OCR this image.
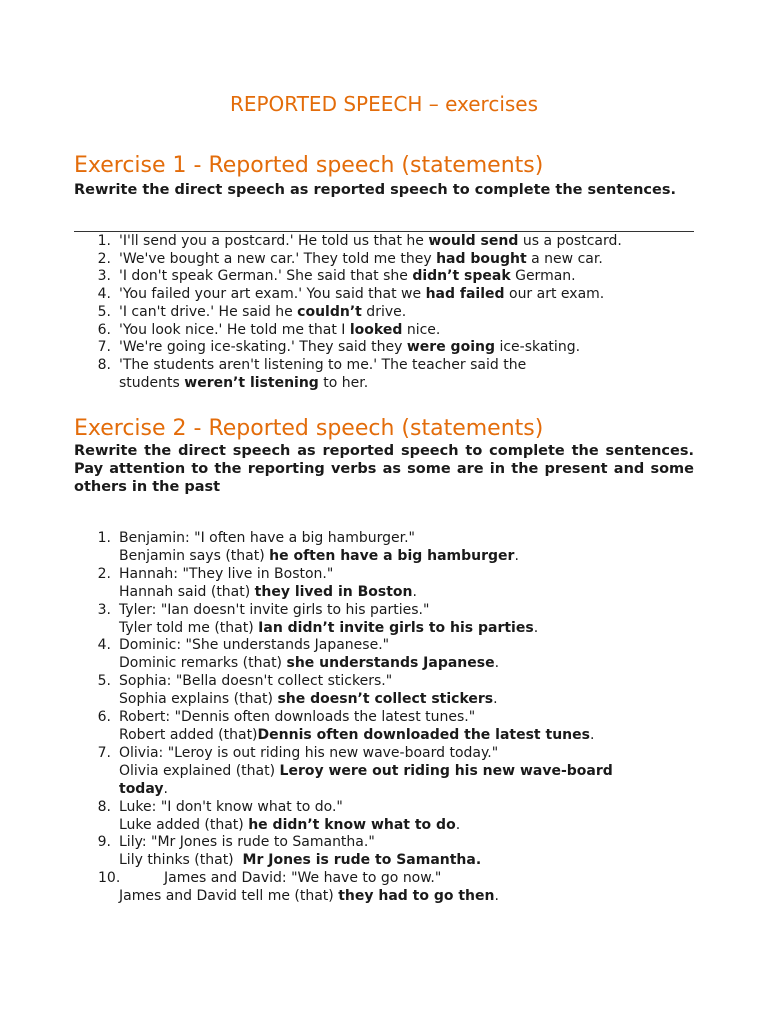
REPORTED SPEECH – exercises
Exercise 1 - Reported speech (statements)
Rewrite the direct speech as reported speech to complete the sentences.
1. 'I'll send you a postcard.' He told us that he would send us a postcard.
2. 'We've bought a new car.' They told me they had bought a new car.
3. 'I don't speak German.' She said that she didn’t speak German.
4. 'You failed your art exam.' You said that we had failed our art exam.
5. 'I can't drive.' He said he couldn’t drive.
6. 'You look nice.' He told me that I looked nice.
7. 'We're going ice-skating.' They said they were going ice-skating.
8. 'The students aren't listening to me.' The teacher said the
students weren’t listening to her.
Exercise 2 - Reported speech (statements)
Rewrite the direct speech as reported speech to complete the sentences. Pay attention to the reporting verbs as some are in the present and some others in the past
1. Benjamin: "I often have a big hamburger."
Benjamin says (that) he often have a big hamburger.
2. Hannah: "They live in Boston."
Hannah said (that) they lived in Boston.
3. Tyler: "Ian doesn't invite girls to his parties."
Tyler told me (that) Ian didn’t invite girls to his parties.
4. Dominic: "She understands Japanese."
Dominic remarks (that) she understands Japanese.
5. Sophia: "Bella doesn't collect stickers."
Sophia explains (that) she doesn’t collect stickers.
6. Robert: "Dennis often downloads the latest tunes."
Robert added (that)Dennis often downloaded the latest tunes.
7. Olivia: "Leroy is out riding his new wave-board today."
Olivia explained (that) Leroy were out riding his new wave-board
today.
8. Luke: "I don't know what to do."
Luke added (that) he didn’t know what to do.
9. Lily: "Mr Jones is rude to Samantha."
Lily thinks (that)  Mr Jones is rude to Samantha.
10.	James and David: "We have to go now."
James and David tell me (that) they had to go then.
